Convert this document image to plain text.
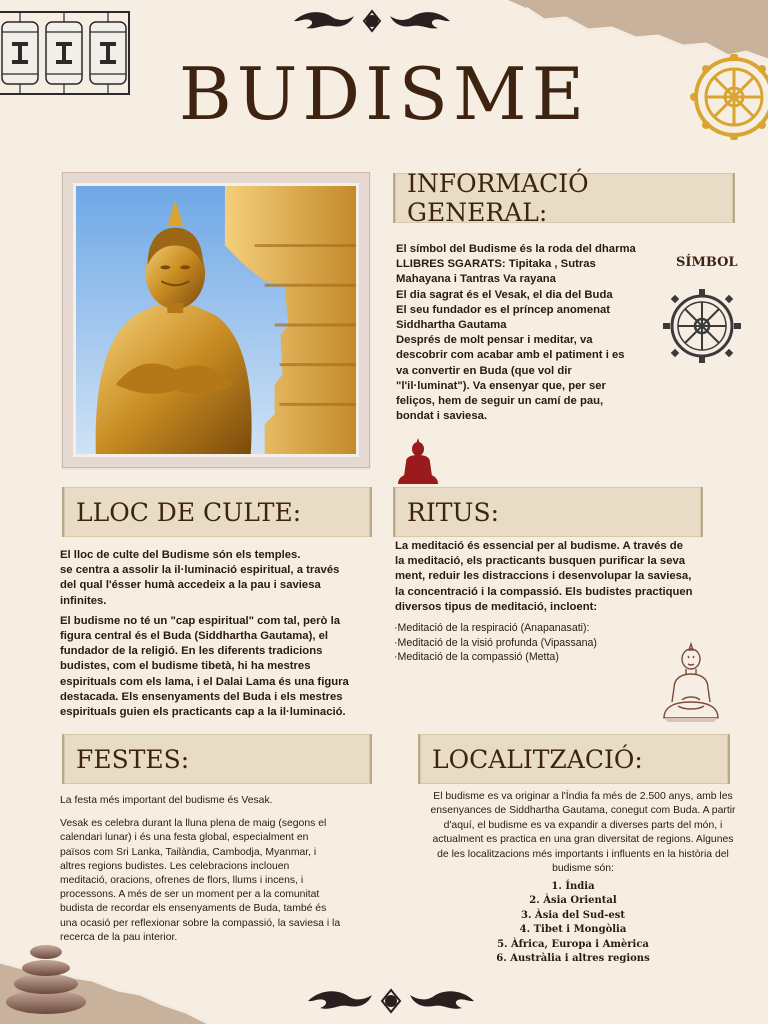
BUDISME
INFORMACIÓ GENERAL:
El símbol del Budisme és la roda del dharma
LLIBRES SGARATS: Tipitaka , Sutras
Mahayana i Tantras Va rayana
El dia sagrat és el Vesak, el dia del Buda
El seu fundador es el príncep anomenat
Siddhartha Gautama
Després de molt pensar i meditar, va
descobrir com acabar amb el patiment i es
va convertir en Buda (que vol dir
"l'il·luminat"). Va ensenyar que, per ser
feliços, hem de seguir un camí de pau,
bondat i saviesa.
SÍMBOL
LLOC DE CULTE:

El lloc de culte del Budisme són els temples.
se centra a assolir la il·luminació espiritual, a través
del qual l'ésser humà accedeix a la pau i saviesa
infinites.

El budisme no té un "cap espiritual" com tal, però la
figura central és el Buda (Siddhartha Gautama), el
fundador de la religió. En les diferents tradicions
budistes, com el budisme tibetà, hi ha mestres
espirituals com els lama, i el Dalai Lama és una figura
destacada. Els ensenyaments del Buda i els mestres
espirituals guien els practicants cap a la il·luminació.

RITUS:
La meditació és essencial per al budisme. A través de
la meditació, els practicants busquen purificar la seva
ment, reduir les distraccions i desenvolupar la saviesa,
la concentració i la compassió. Els budistes practiquen
diversos tipus de meditació, incloent:
·Meditació de la respiració (Anapanasati):
·Meditació de la visió profunda (Vipassana)
·Meditació de la compassió (Metta)
FESTES:

La festa més important del budisme és Vesak.

Vesak es celebra durant la lluna plena de maig (segons el
calendari lunar) i és una festa global, especialment en
països com Sri Lanka, Tailàndia, Cambodja, Myanmar, i
altres regions budistes. Les celebracions inclouen
meditació, oracions, ofrenes de flors, llums i incens, i
processons. A més de ser un moment per a la comunitat
budista de recordar els ensenyaments de Buda, també és
una ocasió per reflexionar sobre la compassió, la saviesa i la
recerca de la pau interior.
LOCALITZACIÓ:
El budisme es va originar a l'Índia fa més de 2.500 anys, amb les
ensenyances de Siddhartha Gautama, conegut com Buda. A partir
d'aquí, el budisme es va expandir a diverses parts del món, i
actualment es practica en una gran diversitat de regions. Algunes
de les localitzacions més importants i influents en la història del
budisme són:
1. Índia
2. Àsia Oriental
3. Àsia del Sud-est
4. Tibet i Mongòlia
5. Àfrica, Europa i Amèrica
6. Austràlia i altres regions
